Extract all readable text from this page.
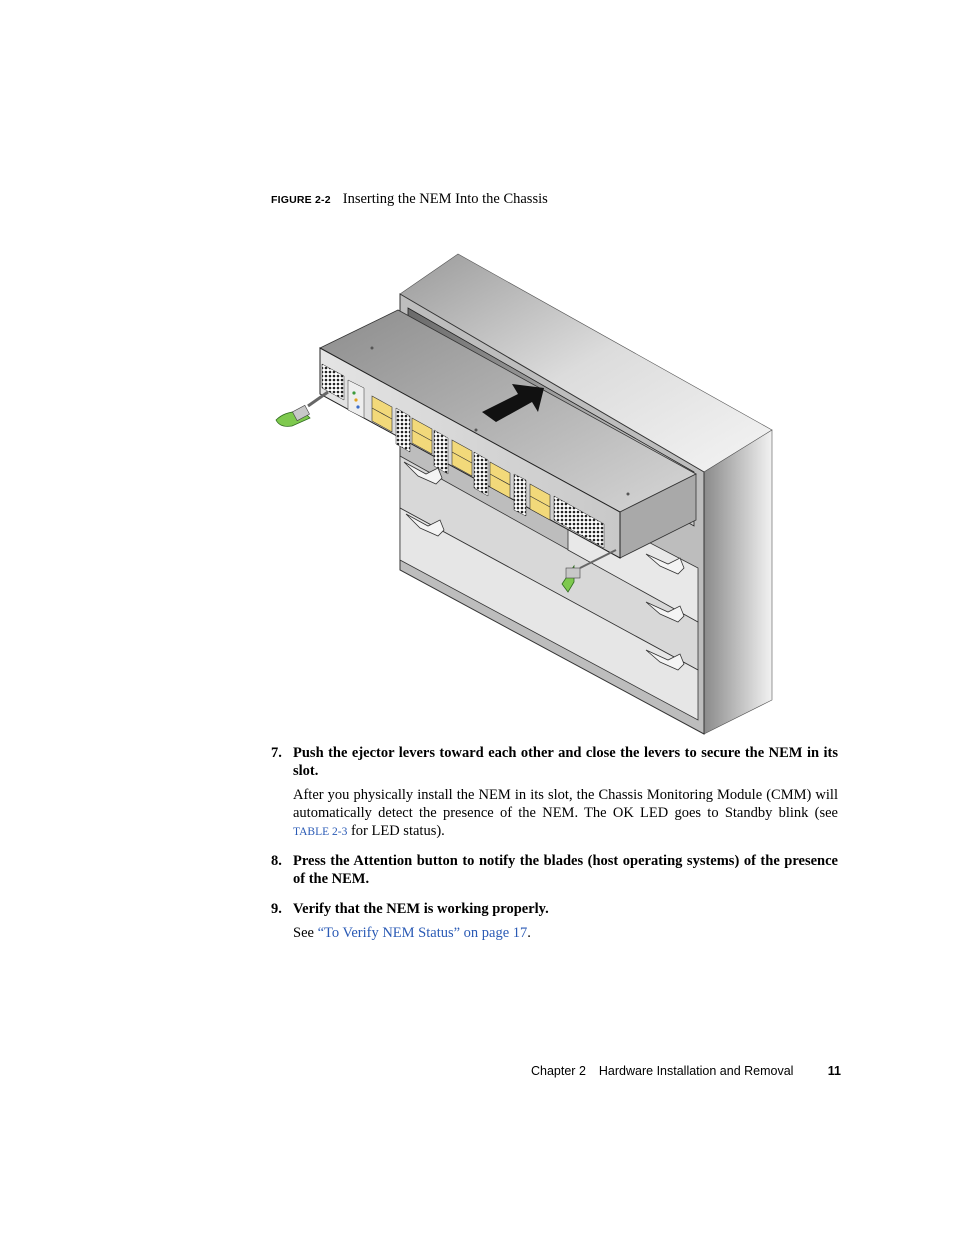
FIGURE 2-2 Inserting the NEM Into the Chassis
7. Push the ejector levers toward each other and close the levers to secure the NEM in its slot.
After you physically install the NEM in its slot, the Chassis Monitoring Module (CMM) will automatically detect the presence of the NEM. The OK LED goes to Standby blink (see TABLE 2-3 for LED status).
8. Press the Attention button to notify the blades (host operating systems) of the presence of the NEM.
9. Verify that the NEM is working properly.
See “To Verify NEM Status” on page 17.
Chapter 2 Hardware Installation and Removal	11
